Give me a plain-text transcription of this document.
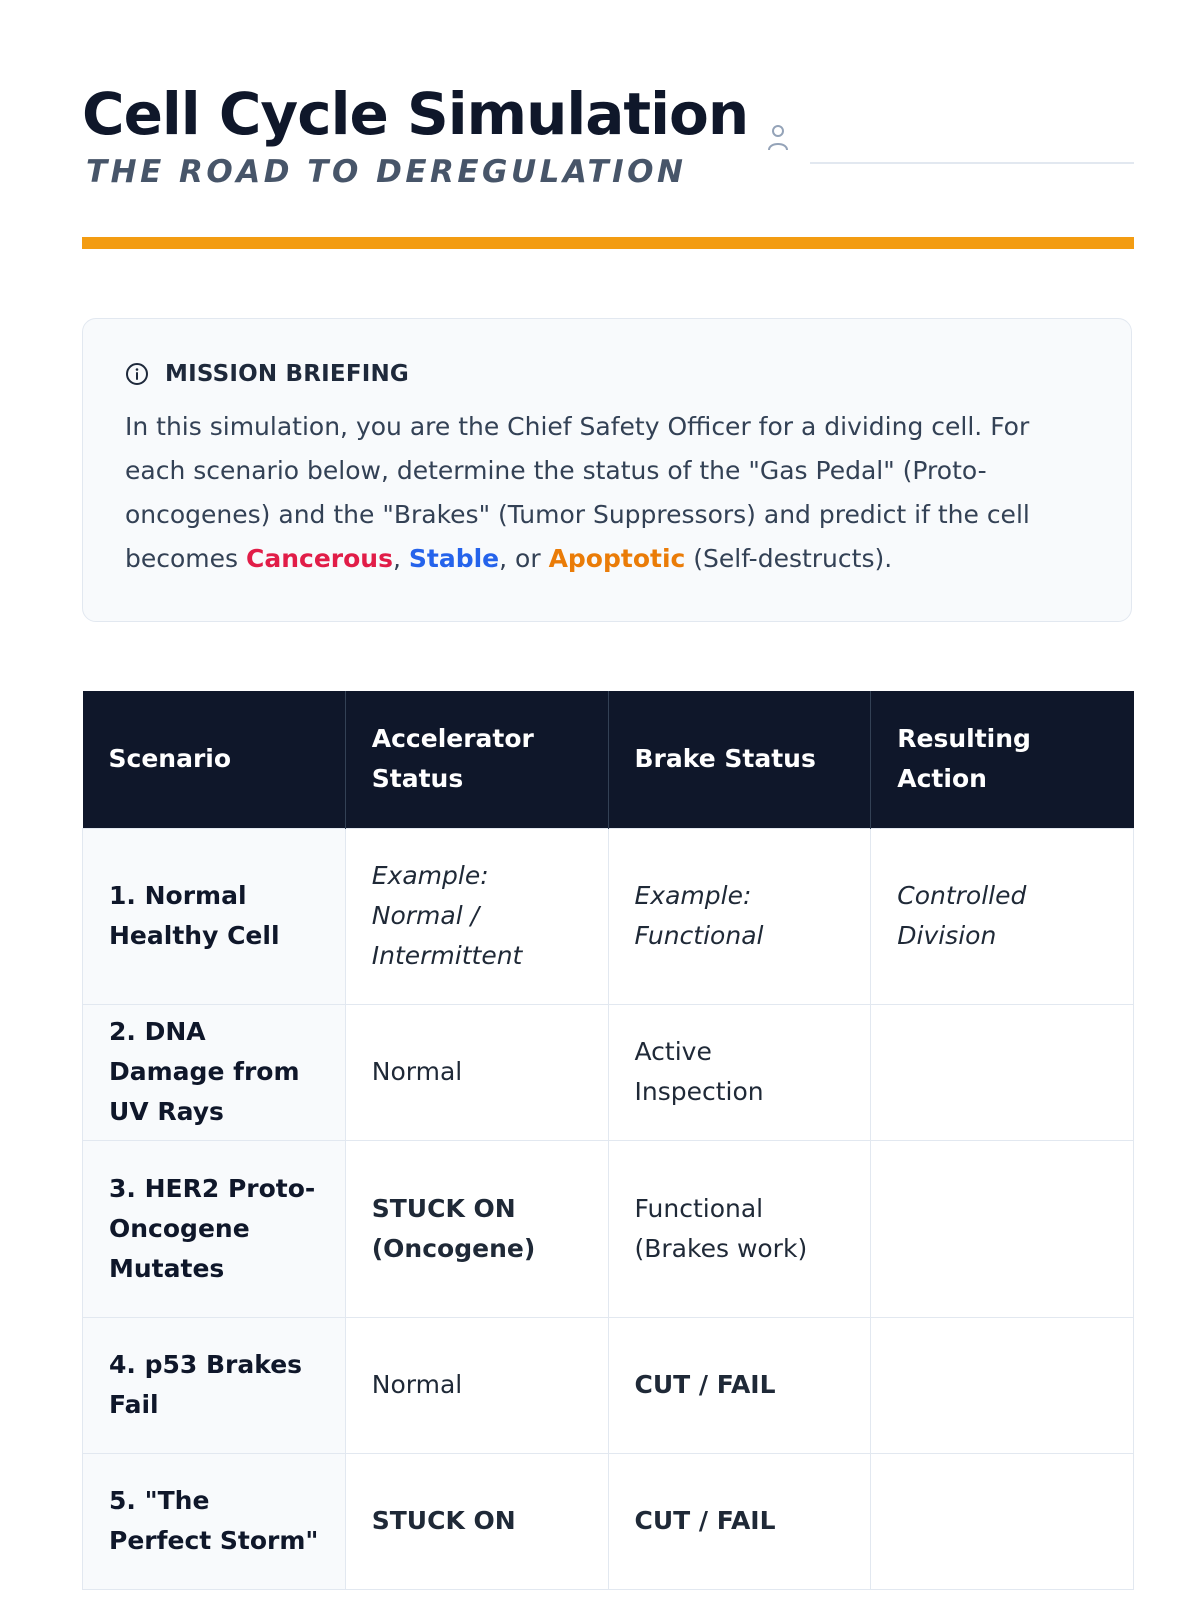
Cell Cycle Simulation
THE ROAD TO DEREGULATION
MISSION BRIEFING

In this simulation, you are the Chief Safety Officer for a dividing cell. For each scenario below, determine the status of the "Gas Pedal" (Proto-oncogenes) and the "Brakes" (Tumor Suppressors) and predict if the cell becomes Cancerous, Stable, or Apoptotic (Self-destructs).

Scenario	Accelerator Status	Brake Status	Resulting Action
1. Normal Healthy Cell	Example: Normal / Intermittent	Example: Functional	Controlled Division
2. DNA Damage from UV Rays	Normal	Active Inspection	
3. HER2 Proto-Oncogene Mutates	STUCK ON (Oncogene)	Functional (Brakes work)	
4. p53 Brakes Fail	Normal	CUT / FAIL	
5. "The Perfect Storm"	STUCK ON	CUT / FAIL	
